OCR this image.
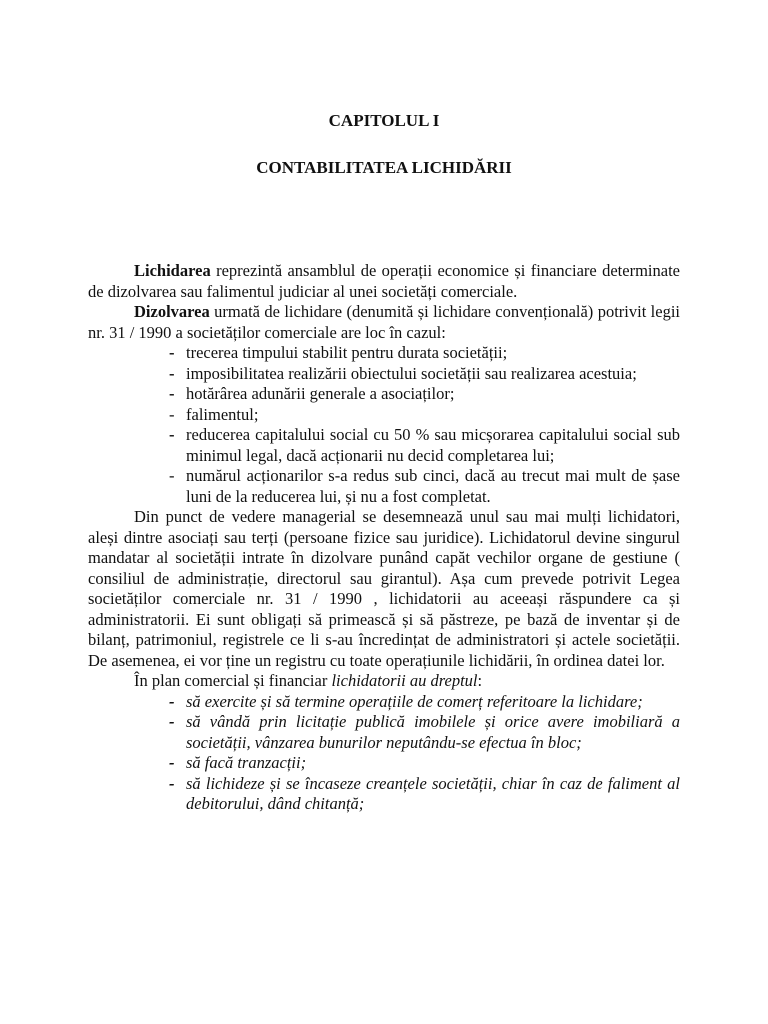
CAPITOLUL I
CONTABILITATEA LICHIDĂRII

Lichidarea reprezintă ansamblul de operații economice și financiare determinate de dizolvarea sau falimentul judiciar al unei societăți comerciale.

Dizolvarea urmată de lichidare (denumită și lichidare convențională) potrivit legii nr. 31 / 1990 a societăților comerciale are loc în cazul:

- trecerea timpului stabilit pentru durata societății;
- imposibilitatea realizării obiectului societății sau realizarea acestuia;
- hotărârea adunării generale a asociaților;
- falimentul;
- reducerea capitalului social cu 50 % sau micșorarea capitalului social sub minimul legal, dacă acționarii nu decid completarea lui;
- numărul acționarilor s-a redus sub cinci, dacă au trecut mai mult de șase luni de la reducerea lui, și nu a fost completat.

Din punct de vedere managerial se desemnează unul sau mai mulți lichidatori, aleși dintre asociați sau terți (persoane fizice sau juridice). Lichidatorul devine singurul mandatar al societății intrate în dizolvare punând capăt vechilor organe de gestiune ( consiliul de administrație, directorul sau girantul). Așa cum prevede potrivit Legea societăților comerciale nr. 31 / 1990 , lichidatorii au aceeași răspundere ca și administratorii. Ei sunt obligați să primească și să păstreze, pe bază de inventar și de bilanț, patrimoniul, registrele ce li s-au încredințat de administratori și actele societății. De asemenea, ei vor ține un registru cu toate operațiunile lichidării, în ordinea datei lor.

În plan comercial și financiar lichidatorii au dreptul:

- să exercite și să termine operațiile de comerț referitoare la lichidare;
- să vândă prin licitație publică imobilele și orice avere imobiliară a societății, vânzarea bunurilor neputându-se efectua în bloc;
- să facă tranzacții;
- să lichideze și se încaseze creanțele societății, chiar în caz de faliment al debitorului, dând chitanță;
